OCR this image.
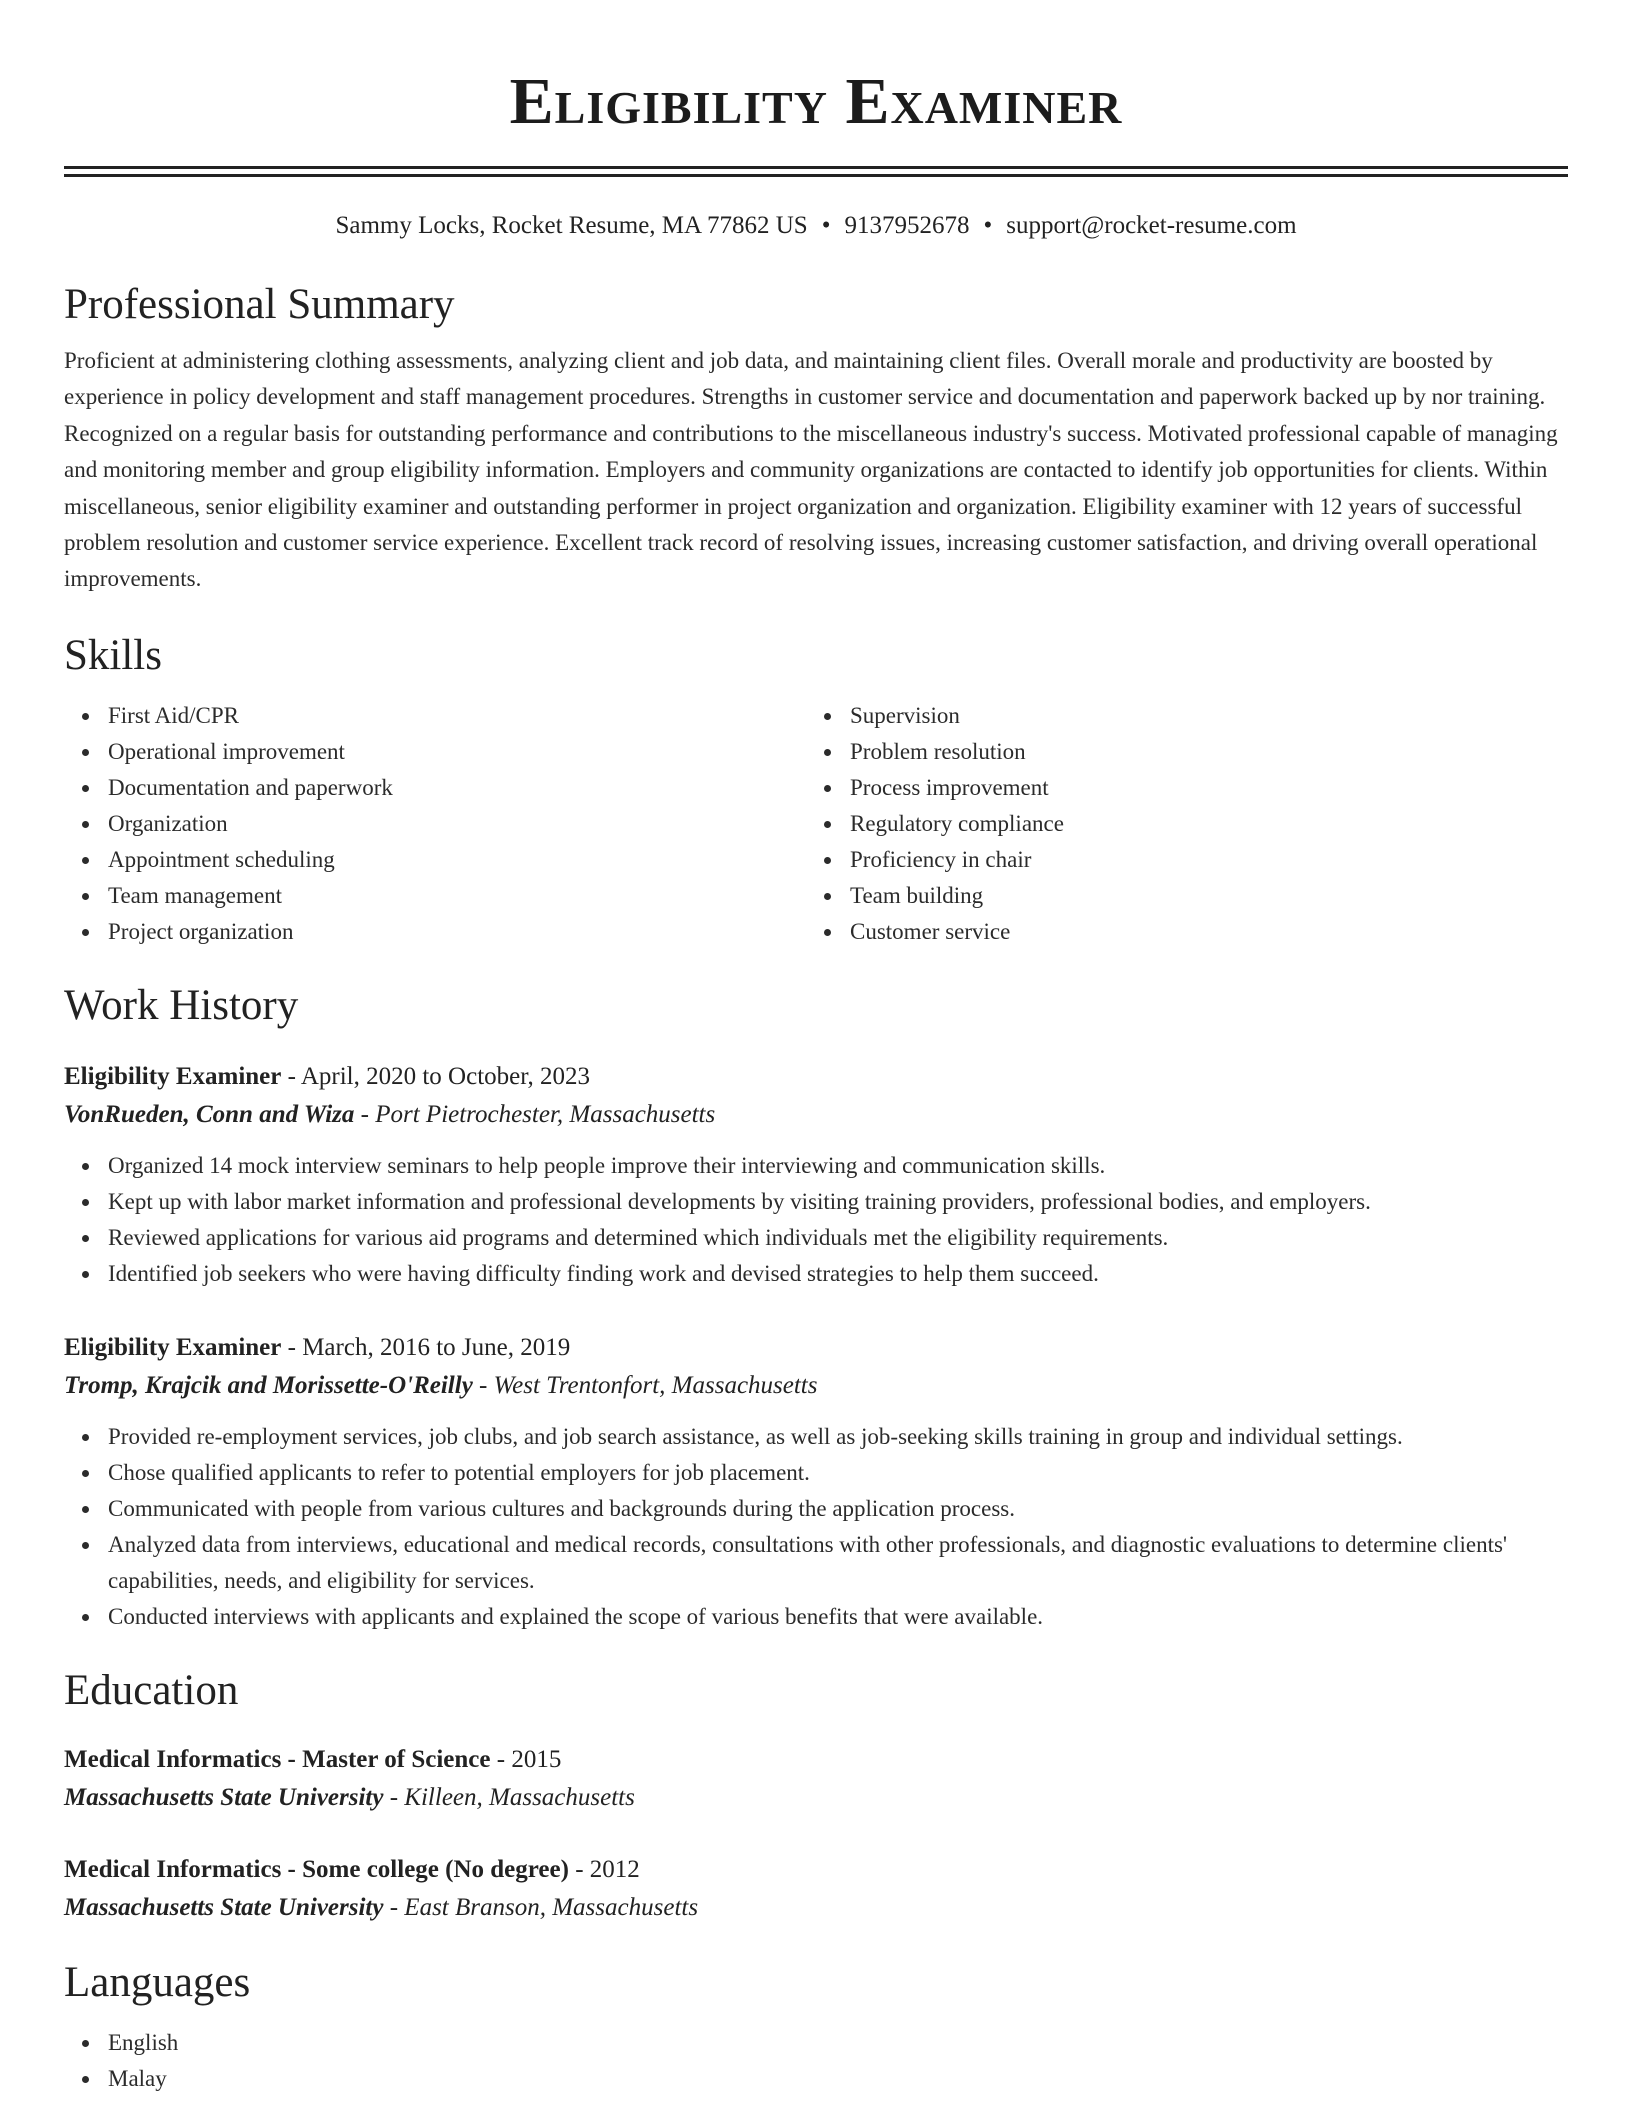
Eligibility Examiner
Sammy Locks, Rocket Resume, MA 77862 US • 9137952678 • support@rocket-resume.com
Professional Summary

Proficient at administering clothing assessments, analyzing client and job data, and maintaining client files. Overall morale and productivity are boosted by experience in policy development and staff management procedures. Strengths in customer service and documentation and paperwork backed up by nor training. Recognized on a regular basis for outstanding performance and contributions to the miscellaneous industry's success. Motivated professional capable of managing and monitoring member and group eligibility information. Employers and community organizations are contacted to identify job opportunities for clients. Within miscellaneous, senior eligibility examiner and outstanding performer in project organization and organization. Eligibility examiner with 12 years of successful problem resolution and customer service experience. Excellent track record of resolving issues, increasing customer satisfaction, and driving overall operational improvements.

Skills
First Aid/CPR
Operational improvement
Documentation and paperwork
Organization
Appointment scheduling
Team management
Project organization
Supervision
Problem resolution
Process improvement
Regulatory compliance
Proficiency in chair
Team building
Customer service
Work History
Eligibility Examiner - April, 2020 to October, 2023
VonRueden, Conn and Wiza - Port Pietrochester, Massachusetts
Organized 14 mock interview seminars to help people improve their interviewing and communication skills.
Kept up with labor market information and professional developments by visiting training providers, professional bodies, and employers.
Reviewed applications for various aid programs and determined which individuals met the eligibility requirements.
Identified job seekers who were having difficulty finding work and devised strategies to help them succeed.
Eligibility Examiner - March, 2016 to June, 2019
Tromp, Krajcik and Morissette-O'Reilly - West Trentonfort, Massachusetts
Provided re-employment services, job clubs, and job search assistance, as well as job-seeking skills training in group and individual settings.
Chose qualified applicants to refer to potential employers for job placement.
Communicated with people from various cultures and backgrounds during the application process.
Analyzed data from interviews, educational and medical records, consultations with other professionals, and diagnostic evaluations to determine clients' capabilities, needs, and eligibility for services.
Conducted interviews with applicants and explained the scope of various benefits that were available.
Education
Medical Informatics - Master of Science - 2015
Massachusetts State University - Killeen, Massachusetts
Medical Informatics - Some college (No degree) - 2012
Massachusetts State University - East Branson, Massachusetts
Languages
English
Malay
